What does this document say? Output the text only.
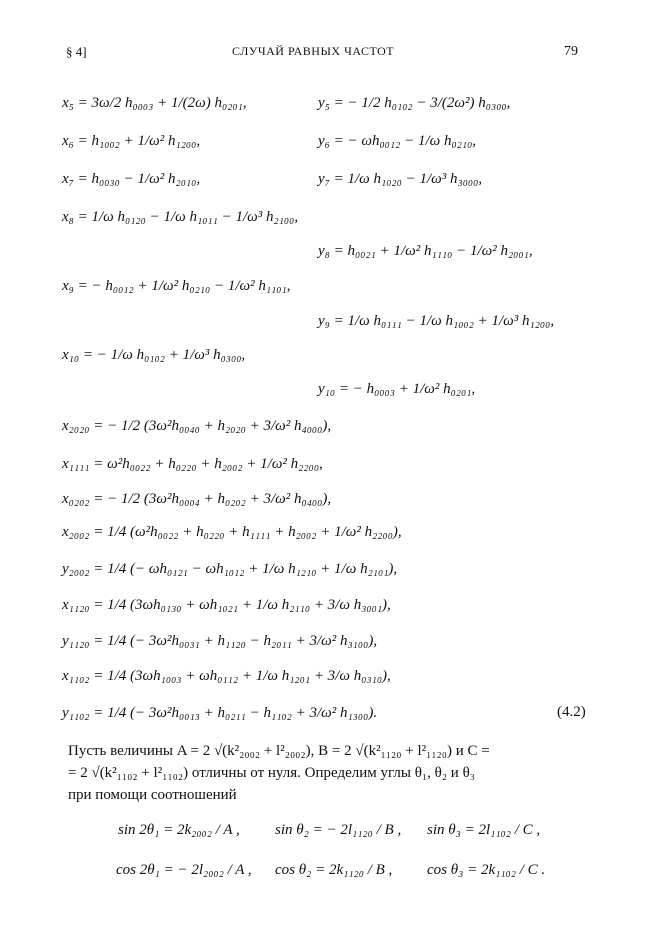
§ 4]	СЛУЧАЙ РАВНЫХ ЧАСТОТ	79
x₅ = 3ω/2 h₀₀₀₃ + 1/(2ω) h₀₂₀₁,	y₅ = − 1/2 h₀₁₀₂ − 3/(2ω²) h₀₃₀₀,
x₆ = h₁₀₀₂ + 1/ω² h₁₂₀₀,	y₆ = − ωh₀₀₁₂ − 1/ω h₀₂₁₀,
x₇ = h₀₀₃₀ − 1/ω² h₂₀₁₀,	y₇ = 1/ω h₁₀₂₀ − 1/ω³ h₃₀₀₀,
x₈ = 1/ω h₀₁₂₀ − 1/ω h₁₀₁₁ − 1/ω³ h₂₁₀₀,
y₈ = h₀₀₂₁ + 1/ω² h₁₁₁₀ − 1/ω² h₂₀₀₁,
x₉ = − h₀₀₁₂ + 1/ω² h₀₂₁₀ − 1/ω² h₁₁₀₁,
y₉ = 1/ω h₀₁₁₁ − 1/ω h₁₀₀₂ + 1/ω³ h₁₂₀₀,
x₁₀ = − 1/ω h₀₁₀₂ + 1/ω³ h₀₃₀₀,
y₁₀ = − h₀₀₀₃ + 1/ω² h₀₂₀₁,
x₂₀₂₀ = − 1/2 (3ω²h₀₀₄₀ + h₂₀₂₀ + 3/ω² h₄₀₀₀),
x₁₁₁₁ = ω²h₀₀₂₂ + h₀₂₂₀ + h₂₀₀₂ + 1/ω² h₂₂₀₀,
x₀₂₀₂ = − 1/2 (3ω²h₀₀₀₄ + h₀₂₀₂ + 3/ω² h₀₄₀₀),
x₂₀₀₂ = 1/4 (ω²h₀₀₂₂ + h₀₂₂₀ + h₁₁₁₁ + h₂₀₀₂ + 1/ω² h₂₂₀₀),
y₂₀₀₂ = 1/4 (− ωh₀₁₂₁ − ωh₁₀₁₂ + 1/ω h₁₂₁₀ + 1/ω h₂₁₀₁),
x₁₁₂₀ = 1/4 (3ωh₀₁₃₀ + ωh₁₀₂₁ + 1/ω h₂₁₁₀ + 3/ω h₃₀₀₁),
y₁₁₂₀ = 1/4 (− 3ω²h₀₀₃₁ + h₁₁₂₀ − h₂₀₁₁ + 3/ω² h₃₁₀₀),
x₁₁₀₂ = 1/4 (3ωh₁₀₀₃ + ωh₀₁₁₂ + 1/ω h₁₂₀₁ + 3/ω h₀₃₁₀),
y₁₁₀₂ = 1/4 (− 3ω²h₀₀₁₃ + h₀₂₁₁ − h₁₁₀₂ + 3/ω² h₁₃₀₀).	(4.2)
Пусть величины A = 2 √(k²₂₀₀₂ + l²₂₀₀₂), B = 2 √(k²₁₁₂₀ + l²₁₁₂₀) и C =
= 2 √(k²₁₁₀₂ + l²₁₁₀₂) отличны от нуля. Определим углы θ₁, θ₂ и θ₃
при помощи соотношений
sin 2θ₁ = 2k₂₀₀₂ / A , sin θ₂ = − 2l₁₁₂₀ / B , sin θ₃ = 2l₁₁₀₂ / C ,
cos 2θ₁ = − 2l₂₀₀₂ / A , cos θ₂ = 2k₁₁₂₀ / B , cos θ₃ = 2k₁₁₀₂ / C .
